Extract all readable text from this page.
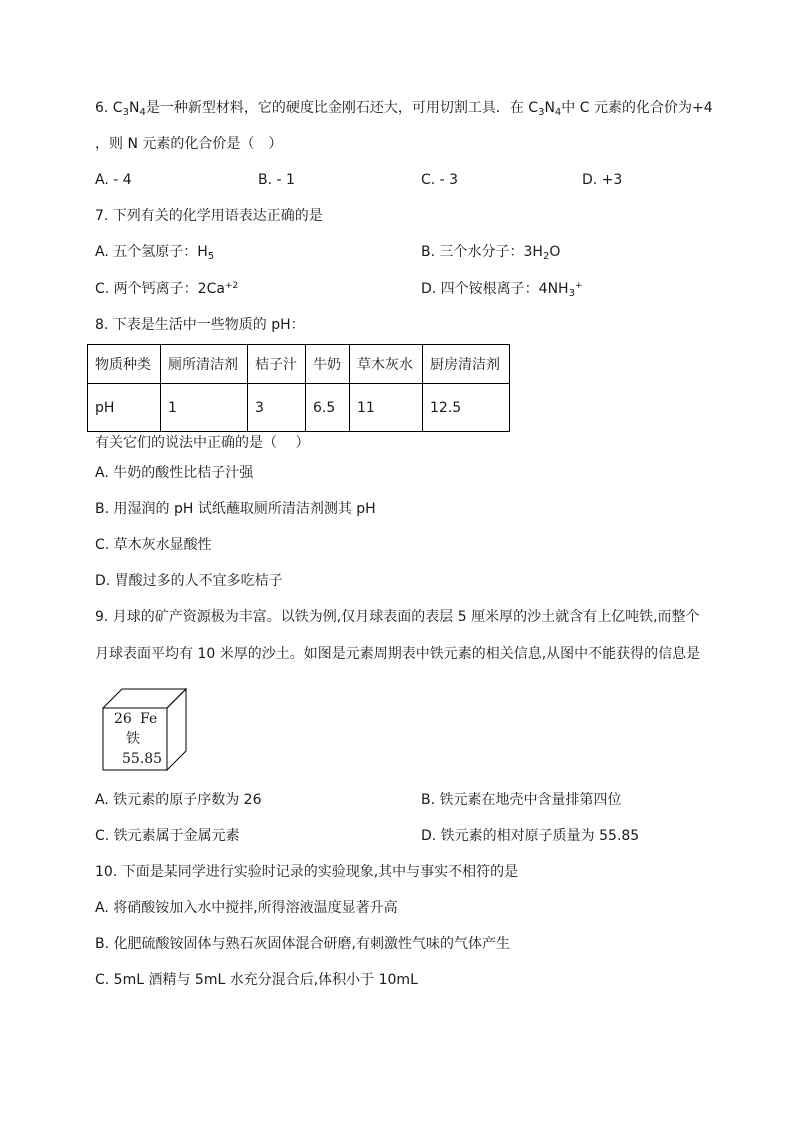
6. $C_3N_4$是一种新型材料，它的硬度比金刚石还大，可用切割工具．在 $C_3N_4$中 C 元素的化合价为+4
，则 N 元素的化合价是（　）
A. - 4	B. - 1	C. - 3	D. +3
7. 下列有关的化学用语表达正确的是
A. 五个氢原子：$H_5$	B. 三个水分子：$3H_2O$
C. 两个钙离子：$2Ca^{+2}$	D. 四个铵根离子：$4NH_3^+$
8. 下表是生活中一些物质的 pH：
物质种类	厕所清洁剂	桔子汁	牛奶	草木灰水	厨房清洁剂
pH	1	3	6.5	11	12.5
有关它们的说法中正确的是（　 ）
A. 牛奶的酸性比桔子汁强
B. 用湿润的 pH 试纸蘸取厕所清洁剂测其 pH
C. 草木灰水显酸性
D. 胃酸过多的人不宜多吃桔子
9. 月球的矿产资源极为丰富。以铁为例,仅月球表面的表层 5 厘米厚的沙土就含有上亿吨铁,而整个
月球表面平均有 10 米厚的沙土。如图是元素周期表中铁元素的相关信息,从图中不能获得的信息是
26 Fe
铁
55.85
A. 铁元素的原子序数为 26	B. 铁元素在地壳中含量排第四位
C. 铁元素属于金属元素	D. 铁元素的相对原子质量为 55.85
10. 下面是某同学进行实验时记录的实验现象,其中与事实不相符的是
A. 将硝酸铵加入水中搅拌,所得溶液温度显著升高
B. 化肥硫酸铵固体与熟石灰固体混合研磨,有刺激性气味的气体产生
C. 5mL 酒精与 5mL 水充分混合后,体积小于 10mL
